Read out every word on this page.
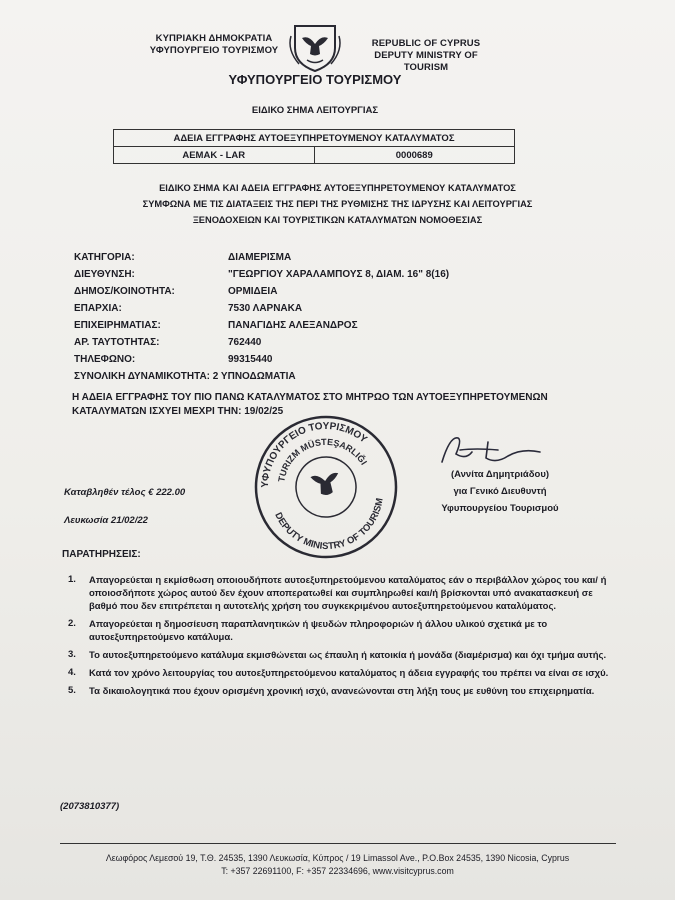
ΚΥΠΡΙΑΚΗ ΔΗΜΟΚΡΑΤΙΑ
ΥΦΥΠΟΥΡΓΕΙΟ ΤΟΥΡΙΣΜΟΥ
REPUBLIC OF CYPRUS
DEPUTY MINISTRY OF TOURISM
ΥΦΥΠΟΥΡΓΕΙΟ ΤΟΥΡΙΣΜΟΥ
ΕΙΔΙΚΟ ΣΗΜΑ ΛΕΙΤΟΥΡΓΙΑΣ
ΑΔΕΙΑ ΕΓΓΡΑΦΗΣ ΑΥΤΟΕΞΥΠΗΡΕΤΟΥΜΕΝΟΥ ΚΑΤΑΛΥΜΑΤΟΣ
ΑΕΜΑΚ - LAR	0000689
ΕΙΔΙΚΟ ΣΗΜΑ ΚΑΙ ΑΔΕΙΑ ΕΓΓΡΑΦΗΣ ΑΥΤΟΕΞΥΠΗΡΕΤΟΥΜΕΝΟΥ ΚΑΤΑΛΥΜΑΤΟΣ
ΣΥΜΦΩΝΑ ΜΕ ΤΙΣ ΔΙΑΤΑΞΕΙΣ ΤΗΣ ΠΕΡΙ ΤΗΣ ΡΥΘΜΙΣΗΣ ΤΗΣ ΙΔΡΥΣΗΣ ΚΑΙ ΛΕΙΤΟΥΡΓΙΑΣ
ΞΕΝΟΔΟΧΕΙΩΝ ΚΑΙ ΤΟΥΡΙΣΤΙΚΩΝ ΚΑΤΑΛΥΜΑΤΩΝ ΝΟΜΟΘΕΣΙΑΣ
ΚΑΤΗΓΟΡΙΑ:	ΔΙΑΜΕΡΙΣΜΑ
ΔΙΕΥΘΥΝΣΗ:	"ΓΕΩΡΓΙΟΥ ΧΑΡΑΛΑΜΠΟΥΣ 8, ΔΙΑΜ. 16" 8(16)
ΔΗΜΟΣ/ΚΟΙΝΟΤΗΤΑ:	ΟΡΜΙΔΕΙΑ
ΕΠΑΡΧΙΑ:	7530 ΛΑΡΝΑΚΑ
ΕΠΙΧΕΙΡΗΜΑΤΙΑΣ:	ΠΑΝΑΓΙΔΗΣ ΑΛΕΞΑΝΔΡΟΣ
ΑΡ. ΤΑΥΤΟΤΗΤΑΣ:	762440
ΤΗΛΕΦΩΝΟ:	99315440
ΣΥΝΟΛΙΚΗ ΔΥΝΑΜΙΚΟΤΗΤΑ: 2 ΥΠΝΟΔΩΜΑΤΙΑ
Η ΑΔΕΙΑ ΕΓΓΡΑΦΗΣ ΤΟΥ ΠΙΟ ΠΑΝΩ ΚΑΤΑΛΥΜΑΤΟΣ ΣΤΟ ΜΗΤΡΩΟ ΤΩΝ ΑΥΤΟΕΞΥΠΗΡΕΤΟΥΜΕΝΩΝ
ΚΑΤΑΛΥΜΑΤΩΝ ΙΣΧΥΕΙ ΜΕΧΡΙ ΤΗΝ: 19/02/25
ΥΦΥΠΟΥΡΓΕΙΟ ΤΟΥΡΙΣΜΟΥ
TURIZM MÜSTEŞARLIĞI
DEPUTY MINISTRY OF TOURISM
Καταβληθέν τέλος € 222.00
Λευκωσία 21/02/22
(Αννίτα Δημητριάδου)
για Γενικό Διευθυντή
Υφυπουργείου Τουρισμού
ΠΑΡΑΤΗΡΗΣΕΙΣ:
1.	Απαγορεύεται η εκμίσθωση οποιουδήποτε αυτοεξυπηρετούμενου καταλύματος εάν ο περιβάλλον χώρος του και/ ή οποιοσδήποτε χώρος αυτού δεν έχουν αποπερατωθεί και συμπληρωθεί και/ή βρίσκονται υπό ανακατασκευή σε βαθμό που δεν επιτρέπεται η αυτοτελής χρήση του συγκεκριμένου αυτοεξυπηρετούμενου καταλύματος.
2.	Απαγορεύεται η δημοσίευση παραπλανητικών ή ψευδών πληροφοριών ή άλλου υλικού σχετικά με το αυτοεξυπηρετούμενο κατάλυμα.
3.	Το αυτοεξυπηρετούμενο κατάλυμα εκμισθώνεται ως έπαυλη ή κατοικία ή μονάδα (διαμέρισμα) και όχι τμήμα αυτής.
4.	Κατά τον χρόνο λειτουργίας του αυτοεξυπηρετούμενου καταλύματος η άδεια εγγραφής του πρέπει να είναι σε ισχύ.
5.	Τα δικαιολογητικά που έχουν ορισμένη χρονική ισχύ, ανανεώνονται στη λήξη τους με ευθύνη του επιχειρηματία.
(2073810377)
Λεωφόρος Λεμεσού 19, Τ.Θ. 24535, 1390 Λευκωσία, Κύπρος / 19 Limassol Ave., P.O.Box 24535, 1390 Nicosia, Cyprus
T: +357 22691100, F: +357 22334696, www.visitcyprus.com
